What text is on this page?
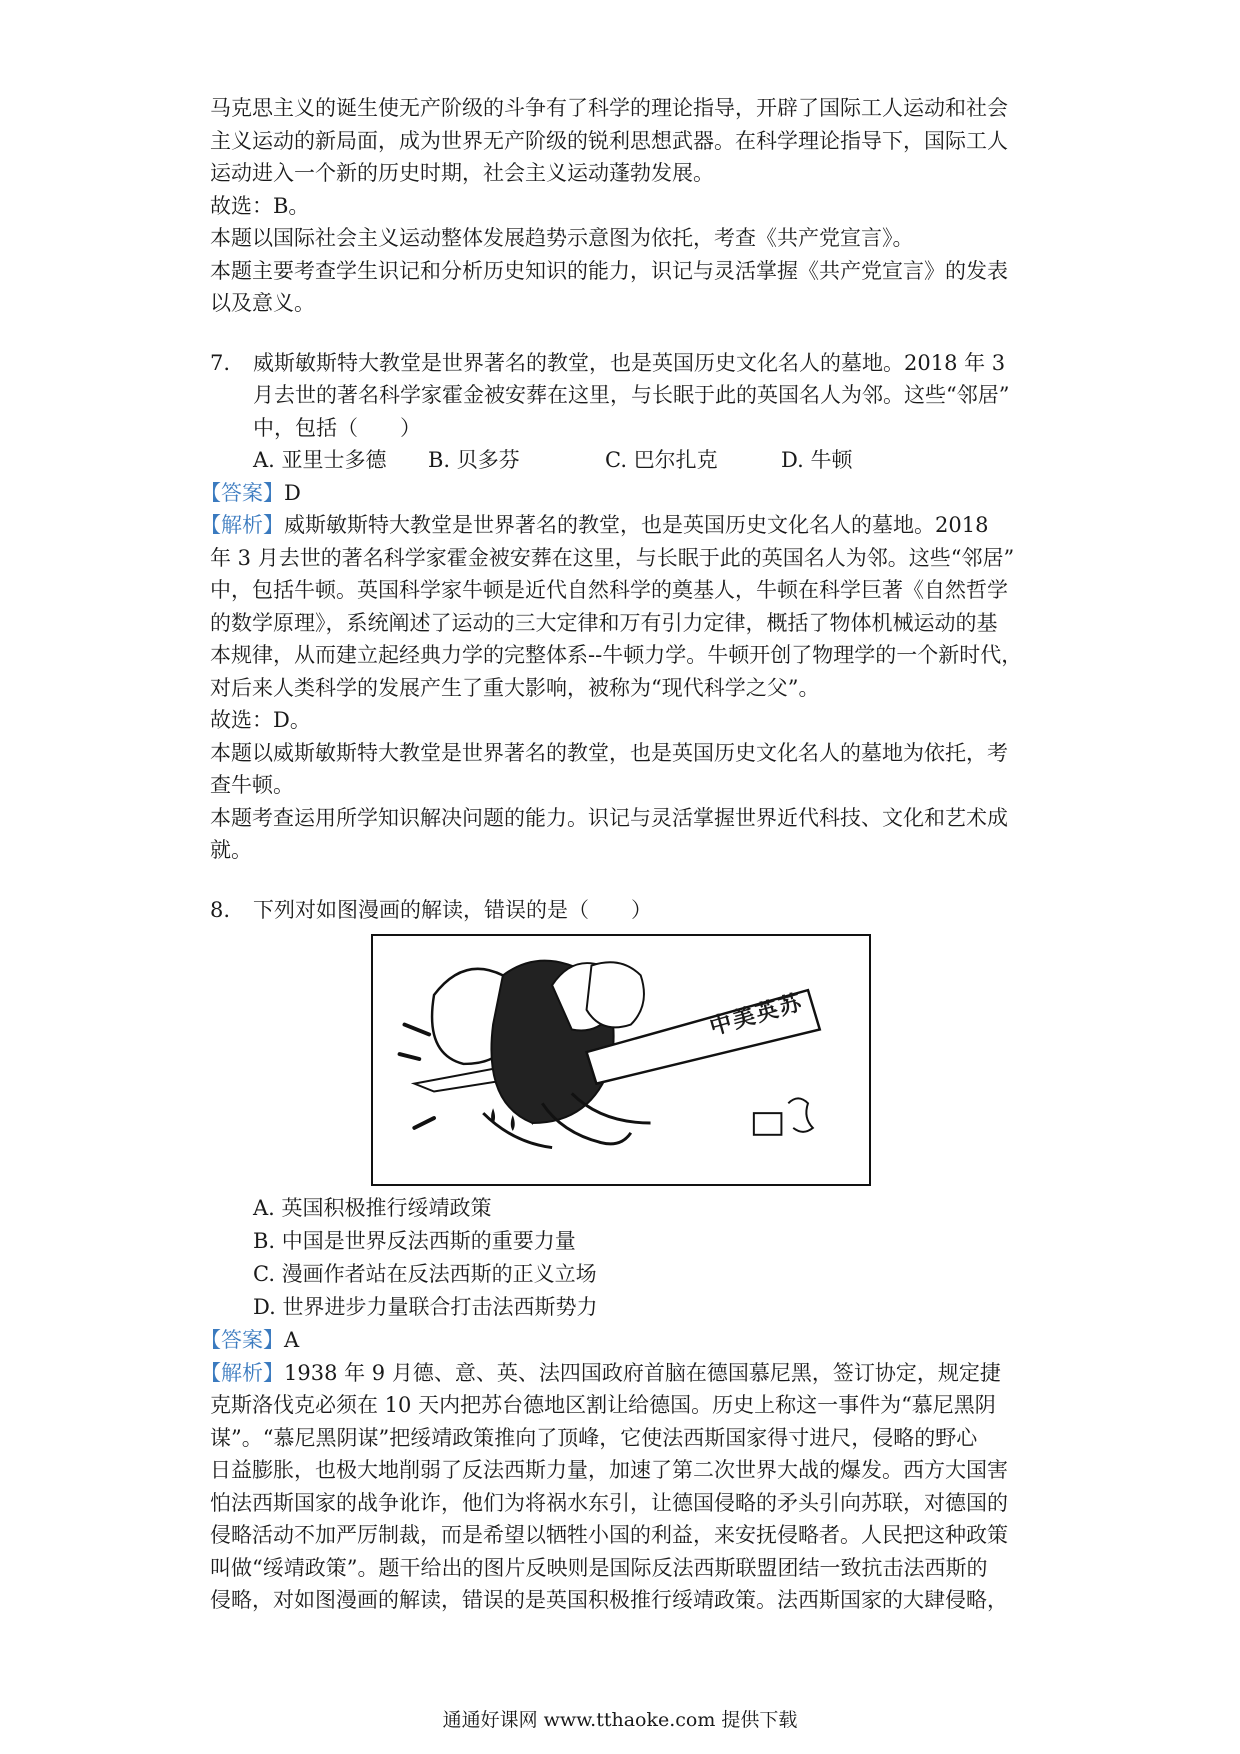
马克思主义的诞生使无产阶级的斗争有了科学的理论指导，开辟了国际工人运动和社会
主义运动的新局面，成为世界无产阶级的锐利思想武器。在科学理论指导下，国际工人
运动进入一个新的历史时期，社会主义运动蓬勃发展。
故选：B。
本题以国际社会主义运动整体发展趋势示意图为依托，考查《共产党宣言》。
本题主要考查学生识记和分析历史知识的能力，识记与灵活掌握《共产党宣言》的发表
以及意义。
7. 威斯敏斯特大教堂是世界著名的教堂，也是英国历史文化名人的墓地。2018 年 3
月去世的著名科学家霍金被安葬在这里，与长眠于此的英国名人为邻。这些“邻居”
中，包括（　　）
A. 亚里士多德	B. 贝多芬	C. 巴尔扎克	D. 牛顿
【答案】D
【解析】威斯敏斯特大教堂是世界著名的教堂，也是英国历史文化名人的墓地。2018
年 3 月去世的著名科学家霍金被安葬在这里，与长眠于此的英国名人为邻。这些“邻居”
中，包括牛顿。英国科学家牛顿是近代自然科学的奠基人，牛顿在科学巨著《自然哲学
的数学原理》，系统阐述了运动的三大定律和万有引力定律，概括了物体机械运动的基
本规律，从而建立起经典力学的完整体系--牛顿力学。牛顿开创了物理学的一个新时代，
对后来人类科学的发展产生了重大影响，被称为“现代科学之父”。
故选：D。
本题以威斯敏斯特大教堂是世界著名的教堂，也是英国历史文化名人的墓地为依托，考
查牛顿。
本题考查运用所学知识解决问题的能力。识记与灵活掌握世界近代科技、文化和艺术成
就。
8. 下列对如图漫画的解读，错误的是（　　）
中美英苏
A. 英国积极推行绥靖政策
B. 中国是世界反法西斯的重要力量
C. 漫画作者站在反法西斯的正义立场
D. 世界进步力量联合打击法西斯势力
【答案】A
【解析】1938 年 9 月德、意、英、法四国政府首脑在德国慕尼黑，签订协定，规定捷
克斯洛伐克必须在 10 天内把苏台德地区割让给德国。历史上称这一事件为“慕尼黑阴
谋”。“慕尼黑阴谋”把绥靖政策推向了顶峰，它使法西斯国家得寸进尺，侵略的野心
日益膨胀，也极大地削弱了反法西斯力量，加速了第二次世界大战的爆发。西方大国害
怕法西斯国家的战争讹诈，他们为将祸水东引，让德国侵略的矛头引向苏联，对德国的
侵略活动不加严厉制裁，而是希望以牺牲小国的利益，来安抚侵略者。人民把这种政策
叫做“绥靖政策”。题干给出的图片反映则是国际反法西斯联盟团结一致抗击法西斯的
侵略，对如图漫画的解读，错误的是英国积极推行绥靖政策。法西斯国家的大肆侵略，
通通好课网 www.tthaoke.com 提供下载
